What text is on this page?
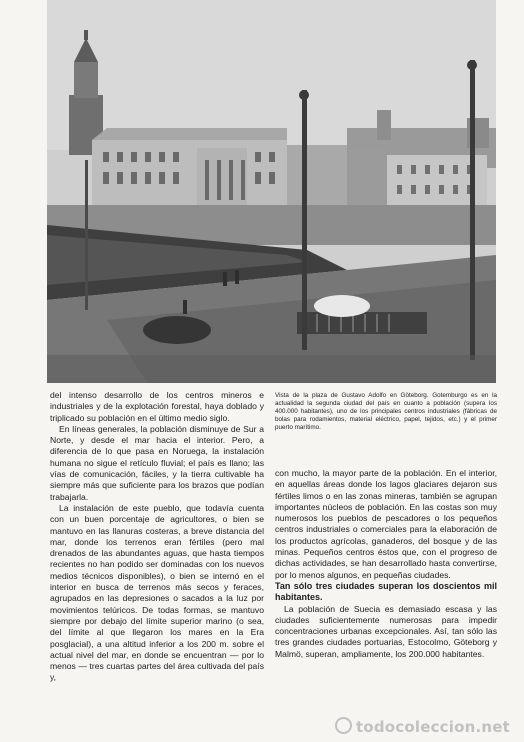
del intenso desarrollo de los centros mineros e industriales y de la explotación forestal, haya doblado y triplicado su población en el último medio siglo.

En líneas generales, la población disminuye de Sur a Norte, y desde el mar hacia el interior. Pero, a diferencia de lo que pasa en Noruega, la instalación humana no sigue el retículo fluvial; el país es llano; las vías de comunicación, fáciles, y la tierra cultivable ha siempre más que suficiente para los brazos que podían trabajarla.

La instalación de este pueblo, que todavía cuenta con un buen porcentaje de agricultores, o bien se mantuvo en las llanuras costeras, a breve distancia del mar, donde los terrenos eran fértiles (pero mal drenados de las abundantes aguas, que hasta tiempos recientes no han podido ser dominadas con los nuevos medios técnicos disponibles), o bien se internó en el interior en busca de terrenos más secos y feraces, agrupados en las depresiones o sacados a la luz por movimientos telúricos. De todas formas, se mantuvo siempre por debajo del límite superior marino (o sea, del límite al que llegaron los mares en la Era posglacial), a una altitud inferior a los 200 m. sobre el actual nivel del mar, en donde se encuentran — por lo menos — tres cuartas partes del área cultivada del país y,

Vista de la plaza de Gustavo Adolfo en Göteborg. Gotemburgo es en la actualidad la segunda ciudad del país en cuanto a población (supera los 400.000 habitantes), uno de los principales centros industriales (fábricas de bolas para rodamientos, material eléctrico, papel, tejidos, etc.) y el primer puerto marítimo.

con mucho, la mayor parte de la población. En el interior, en aquellas áreas donde los lagos glaciares dejaron sus fértiles limos o en las zonas mineras, también se agrupan importantes núcleos de población. En las costas son muy numerosos los pueblos de pescadores o los pequeños centros industriales o comerciales para la elaboración de los productos agrícolas, ganaderos, del bosque y de las minas. Pequeños centros éstos que, con el progreso de dichas actividades, se han desarrollado hasta convertirse, por lo menos algunos, en pequeñas ciudades.

Tan sólo tres ciudades superan los doscientos mil habitantes.

La población de Suecia es demasiado escasa y las ciudades suficientemente numerosas para impedir concentraciones urbanas excepcionales. Así, tan sólo las tres grandes ciudades portuarias, Estocolmo, Göteborg y Malmö, superan, ampliamente, los 200.000 habitantes.

todocoleccion.net
